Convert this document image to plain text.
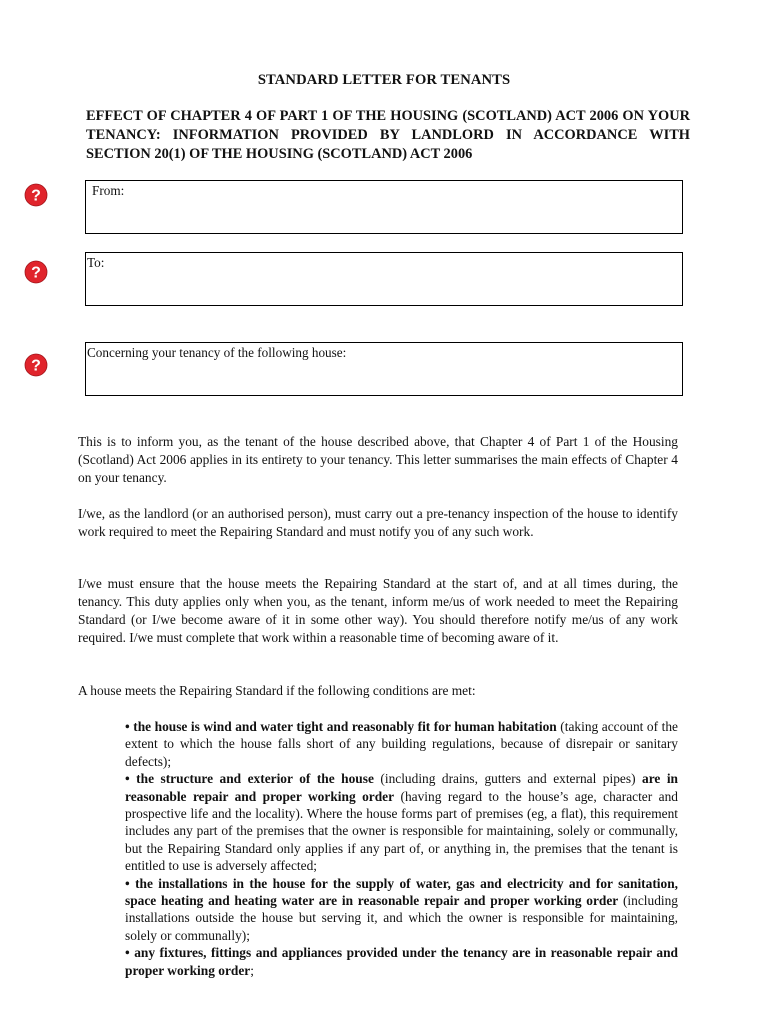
STANDARD LETTER FOR TENANTS
EFFECT OF CHAPTER 4 OF PART 1 OF THE HOUSING (SCOTLAND) ACT 2006 ON YOUR TENANCY: INFORMATION PROVIDED BY LANDLORD IN ACCORDANCE WITH SECTION 20(1) OF THE HOUSING (SCOTLAND) ACT 2006
?	From:
?
To:
?
Concerning your tenancy of the following house:

This is to inform you, as the tenant of the house described above, that Chapter 4 of Part 1 of the Housing (Scotland) Act 2006 applies in its entirety to your tenancy. This letter summarises the main effects of Chapter 4 on your tenancy.

I/we, as the landlord (or an authorised person), must carry out a pre-tenancy inspection of the house to identify work required to meet the Repairing Standard and must notify you of any such work.

I/we must ensure that the house meets the Repairing Standard at the start of, and at all times during, the tenancy. This duty applies only when you, as the tenant, inform me/us of work needed to meet the Repairing Standard (or I/we become aware of it in some other way). You should therefore notify me/us of any work required. I/we must complete that work within a reasonable time of becoming aware of it.

A house meets the Repairing Standard if the following conditions are met:

• the house is wind and water tight and reasonably fit for human habitation (taking account of the extent to which the house falls short of any building regulations, because of disrepair or sanitary defects);
• the structure and exterior of the house (including drains, gutters and external pipes) are in reasonable repair and proper working order (having regard to the house’s age, character and prospective life and the locality). Where the house forms part of premises (eg, a flat), this requirement includes any part of the premises that the owner is responsible for maintaining, solely or communally, but the Repairing Standard only applies if any part of, or anything in, the premises that the tenant is entitled to use is adversely affected;
• the installations in the house for the supply of water, gas and electricity and for sanitation, space heating and heating water are in reasonable repair and proper working order (including installations outside the house but serving it, and which the owner is responsible for maintaining, solely or communally);
• any fixtures, fittings and appliances provided under the tenancy are in reasonable repair and proper working order;
